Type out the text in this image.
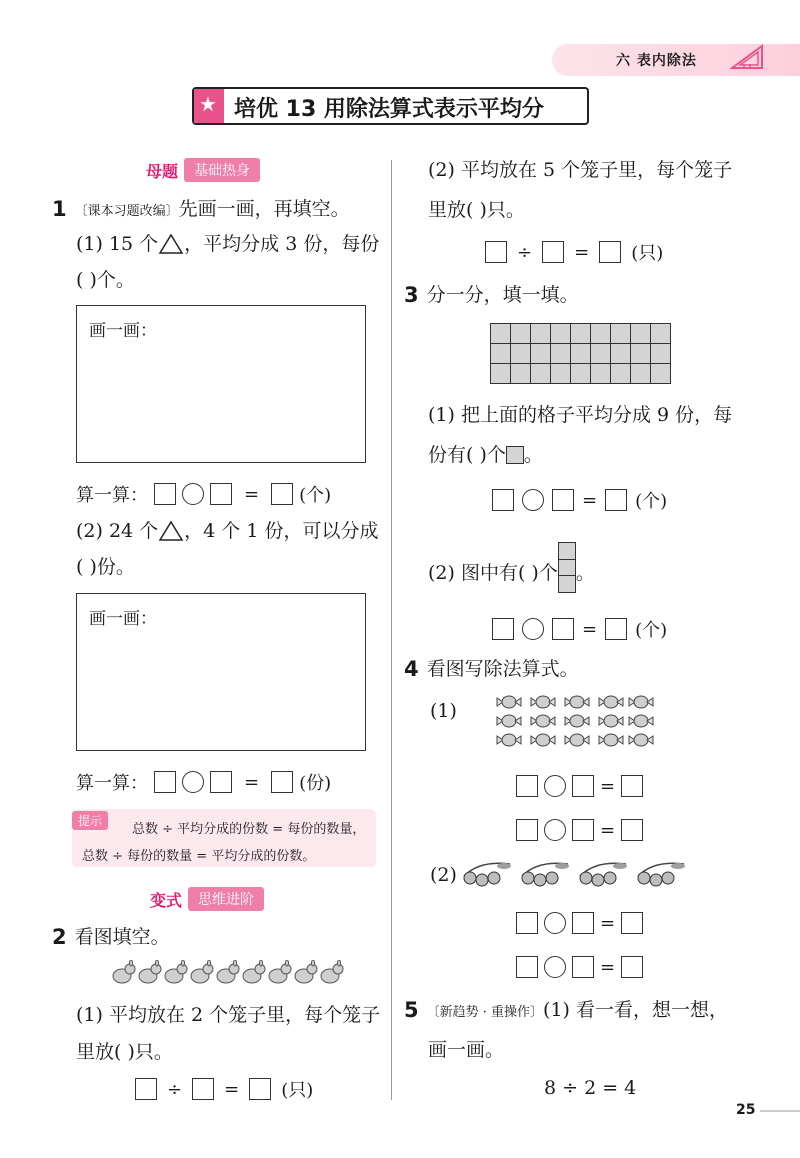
六 表内除法
★ 培优 13 用除法算式表示平均分
母题	基础热身
1 〔课本习题改编〕 先画一画，再填空。
(1) 15 个 ，平均分成 3 份，每份
( )个。
画一画：
算一算：	= (个)
(2) 24 个 ，4 个 1 份，可以分成
( )份。
画一画：
算一算：	= (份)
提示
总数 ÷ 平均分成的份数 = 每份的数量，
总数 ÷ 每份的数量 = 平均分成的份数。
变式	思维进阶
2 看图填空。
(1) 平均放在 2 个笼子里，每个笼子
里放( )只。
÷ = (只)
(2) 平均放在 5 个笼子里，每个笼子
里放( )只。
÷ = (只)
3 分一分，填一填。
(1) 把上面的格子平均分成 9 份，每
份有( )个 。
= (个)
(2) 图中有( )个 。
= (个)
4 看图写除法算式。
(1)
=
=
(2)
=
=
5 〔新趋势 · 重操作〕 (1) 看一看，想一想，
画一画。
8 ÷ 2 = 4
25
